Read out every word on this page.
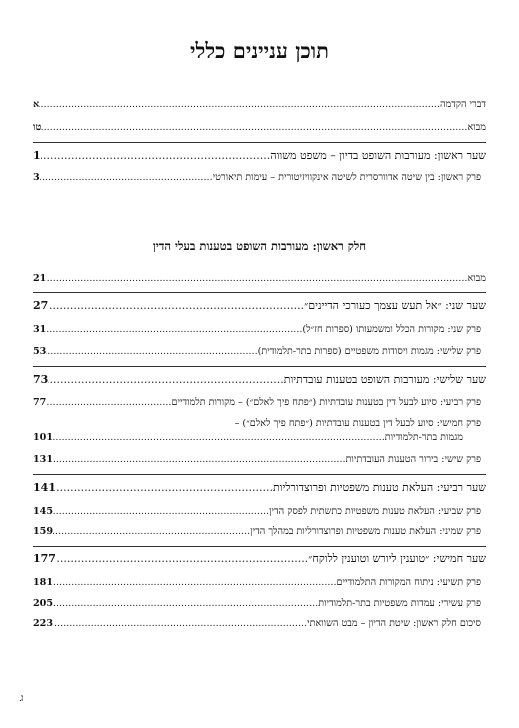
תוכן עניינים כללי
דברי הקדמה
.....
א
מבוא
.....
טו
שער ראשון: מעורבות השופט בדיון – משפט משווה
.....
1
פרק ראשון: בין שיטה אדוורסרית לשיטה אינקוויזיטורית – עימות תיאורטי
.....
3
חלק ראשון: מעורבות השופט בטענות בעלי הדין
מבוא
.....
21
שער שני: ״אל תעש עצמך כעורכי הדיינים״
.....
27
פרק שני: מקורות הכלל ומשמעותו (ספרות חז״ל)
.....
31
פרק שלישי: מגמות ויסודות משפטיים (ספרות בתר-תלמודית)
.....
53
שער שלישי: מעורבות השופט בטענות עובדתיות
.....
73
פרק רביעי: סיוע לבעל דין בטענות עובדתיות (״פתח פיך לאלם״) – מקורות תלמודיים
.....
77
פרק חמישי: סיוע לבעל דין בטענות עובדתיות (״פתח פיך לאלם״) –
מגמות בתר-תלמודיות
.....
101
פרק שישי: בירור הטענות העובדתיות
.....
131
שער רביעי: העלאת טענות משפטיות ופרוצדורליות
.....
141
פרק שביעי: העלאת טענות משפטיות כתשתית לפסק הדין
.....
145
פרק שמיני: העלאת טענות משפטיות ופרוצדורליות במהלך הדין
.....
159
שער חמישי: ״טוענין ליורש וטוענין ללוקח״
.....
177
פרק תשיעי: ניתוח המקורות התלמודיים
.....
181
פרק עשירי: עמדות משפטיות בתר-תלמודיות
.....
205
סיכום חלק ראשון: שיטת הדיון – מבט השוואתי
.....
223
ג
